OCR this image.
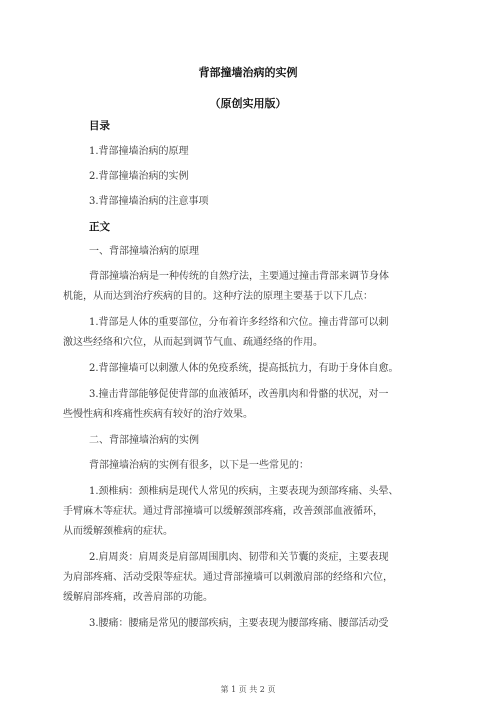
背部撞墙治病的实例
（原创实用版）
目录
1.背部撞墙治病的原理
2.背部撞墙治病的实例
3.背部撞墙治病的注意事项
正文
一、背部撞墙治病的原理
背部撞墙治病是一种传统的自然疗法，主要通过撞击背部来调节身体
机能，从而达到治疗疾病的目的。这种疗法的原理主要基于以下几点：
1.背部是人体的重要部位，分布着许多经络和穴位。撞击背部可以刺
激这些经络和穴位，从而起到调节气血、疏通经络的作用。
2.背部撞墙可以刺激人体的免疫系统，提高抵抗力，有助于身体自愈。
3.撞击背部能够促使背部的血液循环，改善肌肉和骨骼的状况，对一
些慢性病和疼痛性疾病有较好的治疗效果。
二、背部撞墙治病的实例
背部撞墙治病的实例有很多，以下是一些常见的：
1.颈椎病：颈椎病是现代人常见的疾病，主要表现为颈部疼痛、头晕、
手臂麻木等症状。通过背部撞墙可以缓解颈部疼痛，改善颈部血液循环，
从而缓解颈椎病的症状。
2.肩周炎：肩周炎是肩部周围肌肉、韧带和关节囊的炎症，主要表现
为肩部疼痛、活动受限等症状。通过背部撞墙可以刺激肩部的经络和穴位，
缓解肩部疼痛，改善肩部的功能。
3.腰痛：腰痛是常见的腰部疾病，主要表现为腰部疼痛、腰部活动受
第 1 页 共 2 页
